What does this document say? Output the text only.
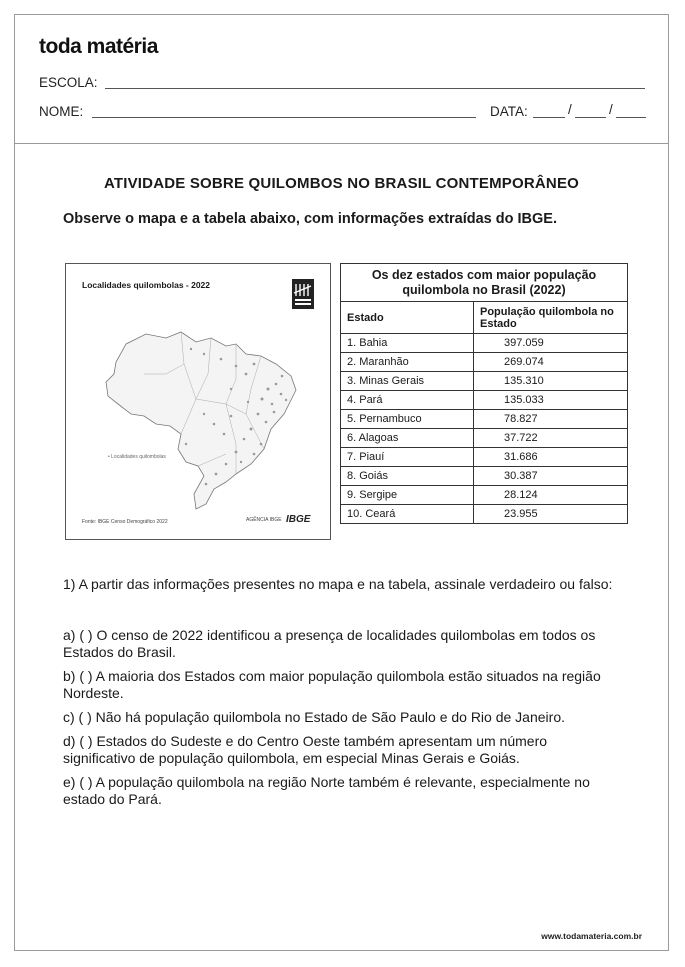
toda matéria
ESCOLA:
NOME:	DATA:	/	/
ATIVIDADE SOBRE QUILOMBOS NO BRASIL CONTEMPORÂNEO
Observe o mapa e a tabela abaixo, com informações extraídas do IBGE.
Localidades quilombolas - 2022
• Localidades quilombolas
Fonte: IBGE Censo Demográfico 2022	AGÊNCIA IBGE IBGE
Os dez estados com maior população quilombola no Brasil (2022)	
Estado	População quilombola no Estado
1. Bahia	397.059
2. Maranhão	269.074
3. Minas Gerais	135.310
4. Pará	135.033
5. Pernambuco	78.827
6. Alagoas	37.722
7. Piauí	31.686
8. Goiás	30.387
9. Sergipe	28.124
10. Ceará	23.955
1) A partir das informações presentes no mapa e na tabela, assinale verdadeiro ou falso:
a) ( ) O censo de 2022 identificou a presença de localidades quilombolas em todos os Estados do Brasil.
b) ( ) A maioria dos Estados com maior população quilombola estão situados na região Nordeste.
c) ( ) Não há população quilombola no Estado de São Paulo e do Rio de Janeiro.
d) ( ) Estados do Sudeste e do Centro Oeste também apresentam um número significativo de população quilombola, em especial Minas Gerais e Goiás.
e) ( ) A população quilombola na região Norte também é relevante, especialmente no estado do Pará.
www.todamateria.com.br
